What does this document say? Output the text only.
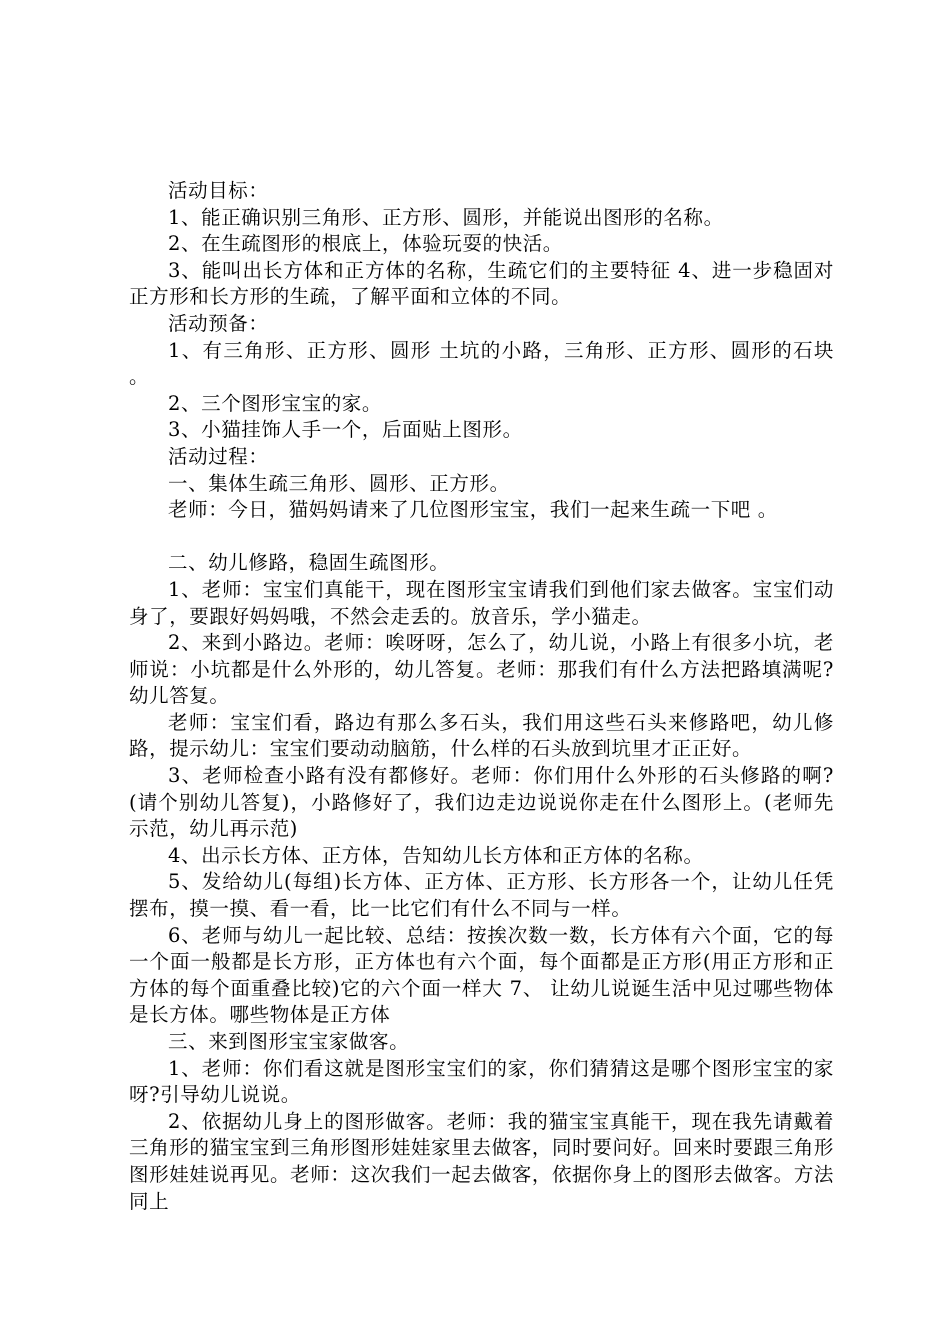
活动目标：

1、能正确识别三角形、正方形、圆形，并能说出图形的名称。

2、在生疏图形的根底上，体验玩耍的快活。

3、能叫出长方体和正方体的名称，生疏它们的主要特征 4、进一步稳固对正方形和长方形的生疏，了解平面和立体的不同。

活动预备：

1、有三角形、正方形、圆形 土坑的小路，三角形、正方形、圆形的石块 。

2、三个图形宝宝的家。

3、小猫挂饰人手一个，后面贴上图形。

活动过程：

一、集体生疏三角形、圆形、正方形。

老师：今日，猫妈妈请来了几位图形宝宝，我们一起来生疏一下吧 。

二、幼儿修路，稳固生疏图形。

1、老师：宝宝们真能干，现在图形宝宝请我们到他们家去做客。宝宝们动身了，要跟好妈妈哦，不然会走丢的。放音乐，学小猫走。

2、来到小路边。老师：唉呀呀，怎么了，幼儿说，小路上有很多小坑，老师说：小坑都是什么外形的，幼儿答复。老师：那我们有什么方法把路填满呢?幼儿答复。

老师：宝宝们看，路边有那么多石头，我们用这些石头来修路吧，幼儿修路，提示幼儿：宝宝们要动动脑筋，什么样的石头放到坑里才正正好。

3、老师检查小路有没有都修好。老师：你们用什么外形的石头修路的啊?(请个别幼儿答复)，小路修好了，我们边走边说说你走在什么图形上。(老师先示范，幼儿再示范)

4、出示长方体、正方体，告知幼儿长方体和正方体的名称。

5、发给幼儿(每组)长方体、正方体、正方形、长方形各一个，让幼儿任凭摆布，摸一摸、看一看，比一比它们有什么不同与一样。

6、老师与幼儿一起比较、总结：按挨次数一数，长方体有六个面，它的每一个面一般都是长方形，正方体也有六个面，每个面都是正方形(用正方形和正方体的每个面重叠比较)它的六个面一样大 7、 让幼儿说诞生活中见过哪些物体是长方体。哪些物体是正方体

三、来到图形宝宝家做客。

1、老师：你们看这就是图形宝宝们的家，你们猜猜这是哪个图形宝宝的家呀?引导幼儿说说。

2、依据幼儿身上的图形做客。老师：我的猫宝宝真能干，现在我先请戴着三角形的猫宝宝到三角形图形娃娃家里去做客，同时要问好。回来时要跟三角形图形娃娃说再见。老师：这次我们一起去做客，依据你身上的图形去做客。方法同上
